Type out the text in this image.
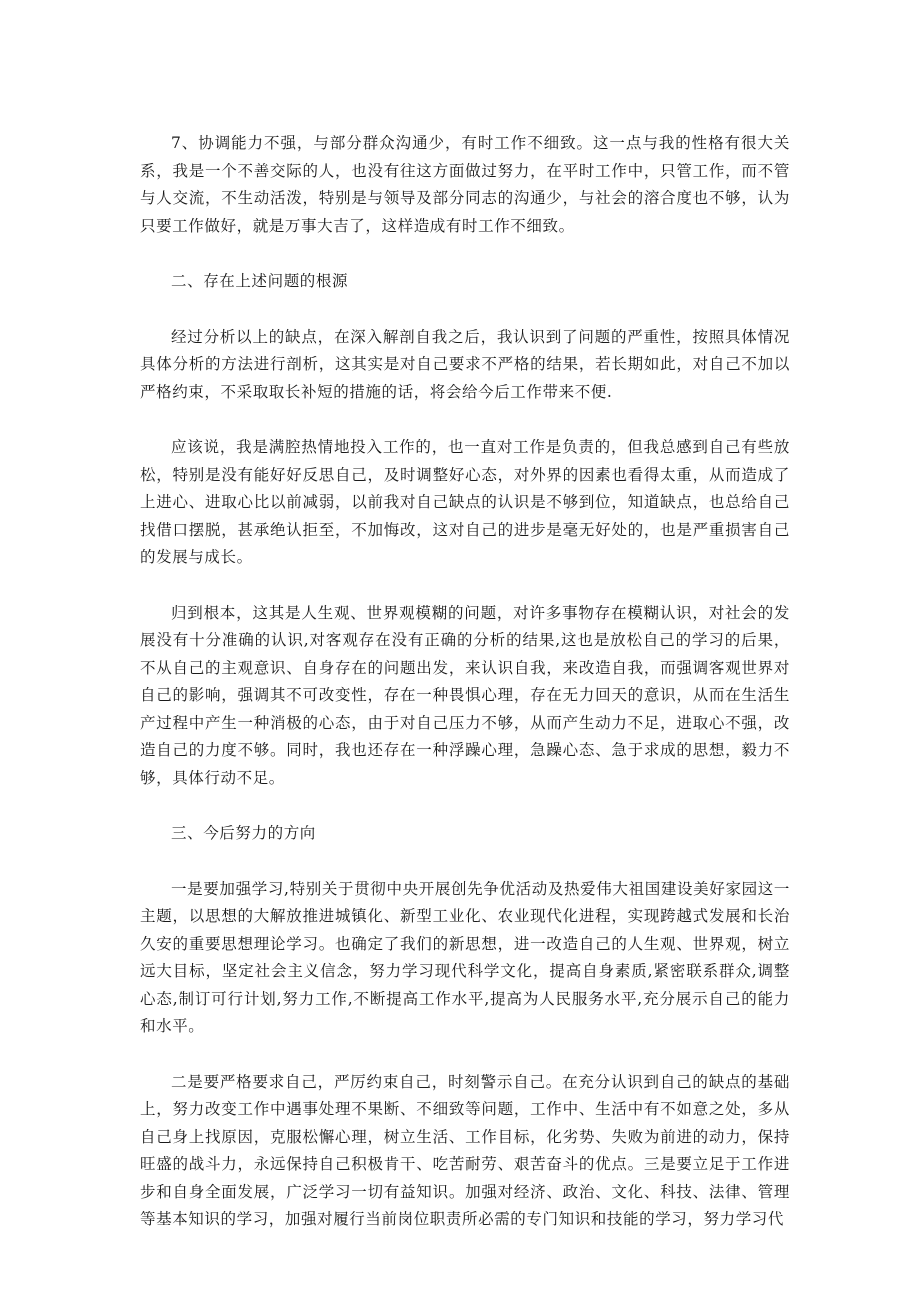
7、协调能力不强，与部分群众沟通少，有时工作不细致。这一点与我的性格有很大关系，我是一个不善交际的人，也没有往这方面做过努力，在平时工作中，只管工作，而不管与人交流，不生动活泼，特别是与领导及部分同志的沟通少，与社会的溶合度也不够，认为只要工作做好，就是万事大吉了，这样造成有时工作不细致。

二、存在上述问题的根源

经过分析以上的缺点，在深入解剖自我之后，我认识到了问题的严重性，按照具体情况具体分析的方法进行剖析，这其实是对自己要求不严格的结果，若长期如此，对自己不加以严格约束，不采取取长补短的措施的话，将会给今后工作带来不便.

应该说，我是满腔热情地投入工作的，也一直对工作是负责的，但我总感到自己有些放松，特别是没有能好好反思自己，及时调整好心态，对外界的因素也看得太重，从而造成了上进心、进取心比以前减弱，以前我对自己缺点的认识是不够到位，知道缺点，也总给自己找借口摆脱，甚承绝认拒至，不加悔改，这对自己的进步是毫无好处的，也是严重损害自己的发展与成长。

归到根本，这其是人生观、世界观模糊的问题，对许多事物存在模糊认识，对社会的发展没有十分准确的认识,对客观存在没有正确的分析的结果,这也是放松自己的学习的后果，不从自己的主观意识、自身存在的问题出发，来认识自我，来改造自我，而强调客观世界对自己的影响，强调其不可改变性，存在一种畏惧心理，存在无力回天的意识，从而在生活生产过程中产生一种消极的心态，由于对自己压力不够，从而产生动力不足，进取心不强，改造自己的力度不够。同时，我也还存在一种浮躁心理，急躁心态、急于求成的思想，毅力不够，具体行动不足。

三、今后努力的方向

一是要加强学习,特别关于贯彻中央开展创先争优活动及热爱伟大祖国建设美好家园这一主题，以思想的大解放推进城镇化、新型工业化、农业现代化进程，实现跨越式发展和长治久安的重要思想理论学习。也确定了我们的新思想，进一改造自己的人生观、世界观，树立远大目标，坚定社会主义信念，努力学习现代科学文化，提高自身素质,紧密联系群众,调整心态,制订可行计划,努力工作,不断提高工作水平,提高为人民服务水平,充分展示自己的能力和水平。

二是要严格要求自己，严厉约束自己，时刻警示自己。在充分认识到自己的缺点的基础上，努力改变工作中遇事处理不果断、不细致等问题，工作中、生活中有不如意之处，多从自己身上找原因，克服松懈心理，树立生活、工作目标，化劣势、失败为前进的动力，保持旺盛的战斗力，永远保持自己积极肯干、吃苦耐劳、艰苦奋斗的优点。三是要立足于工作进步和自身全面发展，广泛学习一切有益知识。加强对经济、政治、文化、科技、法律、管理等基本知识的学习，加强对履行当前岗位职责所必需的专门知识和技能的学习，努力学习代
